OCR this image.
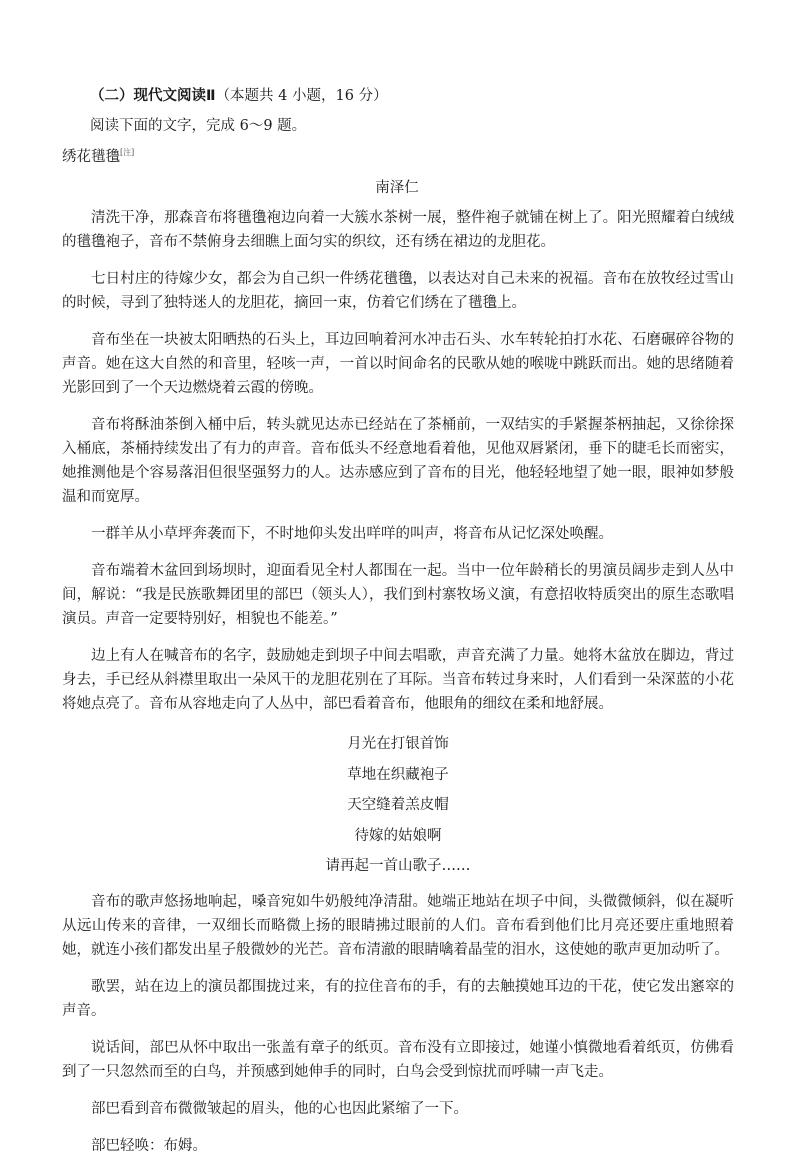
（二）现代文阅读Ⅱ（本题共 4 小题，16 分）

阅读下面的文字，完成 6～9 题。

绣花氆氇[注]

南泽仁

清洗干净，那森音布将氆氇袍边向着一大簇水茶树一展，整件袍子就铺在树上了。阳光照耀着白绒绒的氆氇袍子，音布不禁俯身去细瞧上面匀实的织纹，还有绣在裙边的龙胆花。

七日村庄的待嫁少女，都会为自己织一件绣花氆氇，以表达对自己未来的祝福。音布在放牧经过雪山的时候，寻到了独特迷人的龙胆花，摘回一束，仿着它们绣在了氆氇上。

音布坐在一块被太阳晒热的石头上，耳边回响着河水冲击石头、水车转轮拍打水花、石磨碾碎谷物的声音。她在这大自然的和音里，轻咳一声，一首以时间命名的民歌从她的喉咙中跳跃而出。她的思绪随着光影回到了一个天边燃烧着云霞的傍晚。

音布将酥油茶倒入桶中后，转头就见达赤已经站在了茶桶前，一双结实的手紧握茶柄抽起，又徐徐探入桶底，茶桶持续发出了有力的声音。音布低头不经意地看着他，见他双唇紧闭，垂下的睫毛长而密实，她推测他是个容易落泪但很坚强努力的人。达赤感应到了音布的目光，他轻轻地望了她一眼，眼神如梦般温和而宽厚。

一群羊从小草坪奔袭而下，不时地仰头发出咩咩的叫声，将音布从记忆深处唤醒。

音布端着木盆回到场坝时，迎面看见全村人都围在一起。当中一位年龄稍长的男演员阔步走到人丛中间，解说：“我是民族歌舞团里的部巴（领头人），我们到村寨牧场义演，有意招收特质突出的原生态歌唱演员。声音一定要特别好，相貌也不能差。”

边上有人在喊音布的名字，鼓励她走到坝子中间去唱歌，声音充满了力量。她将木盆放在脚边，背过身去，手已经从斜襟里取出一朵风干的龙胆花别在了耳际。当音布转过身来时，人们看到一朵深蓝的小花将她点亮了。音布从容地走向了人丛中，部巴看着音布，他眼角的细纹在柔和地舒展。

月光在打银首饰
草地在织藏袍子
天空缝着羔皮帽
待嫁的姑娘啊
请再起一首山歌子……

音布的歌声悠扬地响起，嗓音宛如牛奶般纯净清甜。她端正地站在坝子中间，头微微倾斜，似在凝听从远山传来的音律，一双细长而略微上扬的眼睛拂过眼前的人们。音布看到他们比月亮还要庄重地照着她，就连小孩们都发出星子般微妙的光芒。音布清澈的眼睛噙着晶莹的泪水，这使她的歌声更加动听了。

歌罢，站在边上的演员都围拢过来，有的拉住音布的手，有的去触摸她耳边的干花，使它发出窸窣的声音。

说话间，部巴从怀中取出一张盖有章子的纸页。音布没有立即接过，她谨小慎微地看着纸页，仿佛看到了一只忽然而至的白鸟，并预感到她伸手的同时，白鸟会受到惊扰而呼啸一声飞走。

部巴看到音布微微皱起的眉头，他的心也因此紧缩了一下。

部巴轻唤：布姆。
